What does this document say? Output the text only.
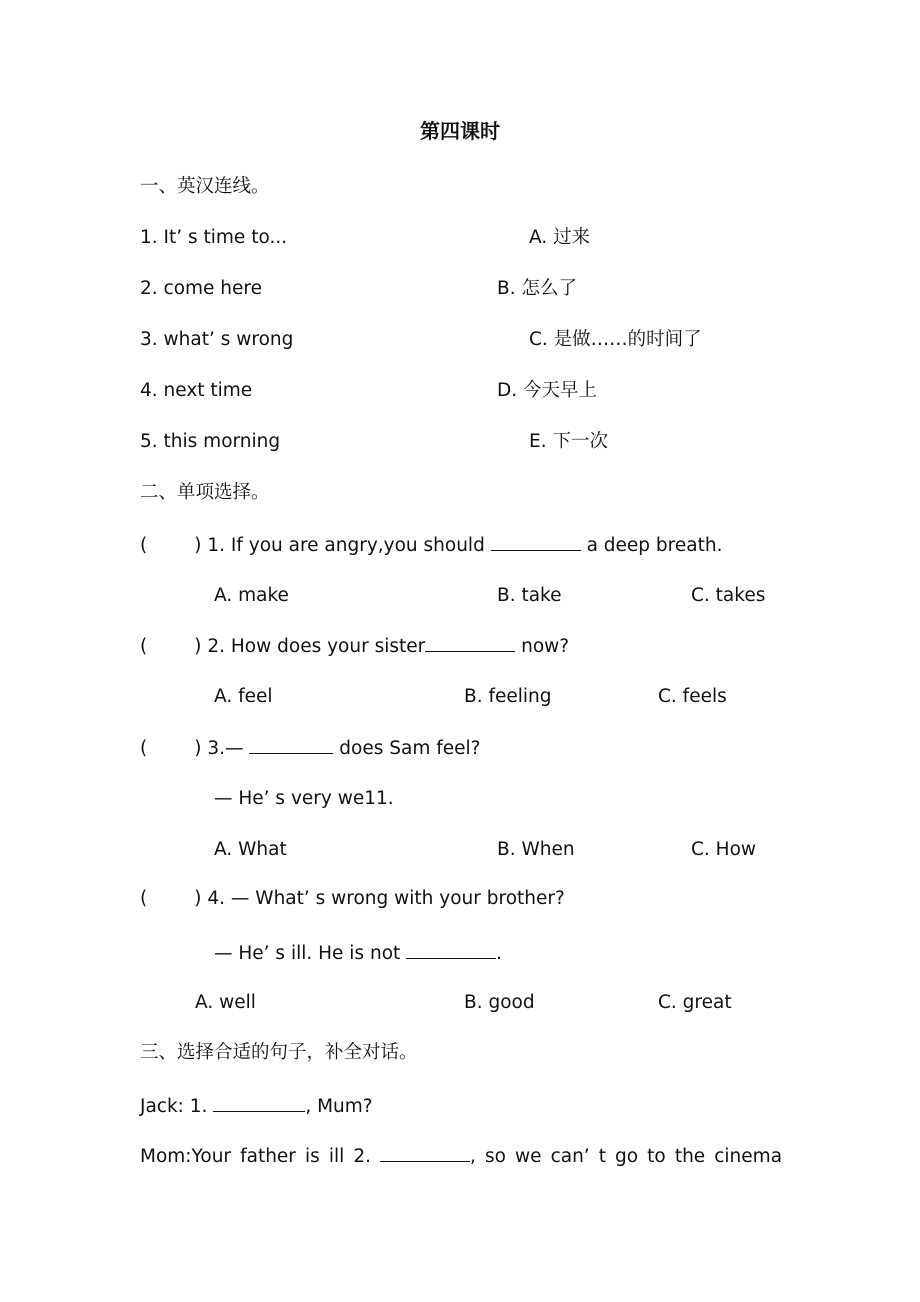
第四课时
一、英汉连线。
1. It’ s time to...	A. 过来
2. come here	B. 怎么了
3. what’ s wrong	C. 是做……的时间了
4. next time	D. 今天早上
5. this morning	E. 下一次
二、单项选择。
(        ) 1. If you are angry,you should	a deep breath.
A. make	B. take	C. takes
(        ) 2. How does your sister	now?
A. feel	B. feeling	C. feels
(        ) 3.—	does Sam feel?
— He’ s very we11.
A. What	B. When	C. How
(        ) 4. — What’ s wrong with your brother?
— He’ s ill. He is not	.
A. well	B. good	C. great
三、选择合适的句子，补全对话。
Jack: 1.	, Mum?
Mom:Your father is ill 2.	, so we can’ t go to the cinema
